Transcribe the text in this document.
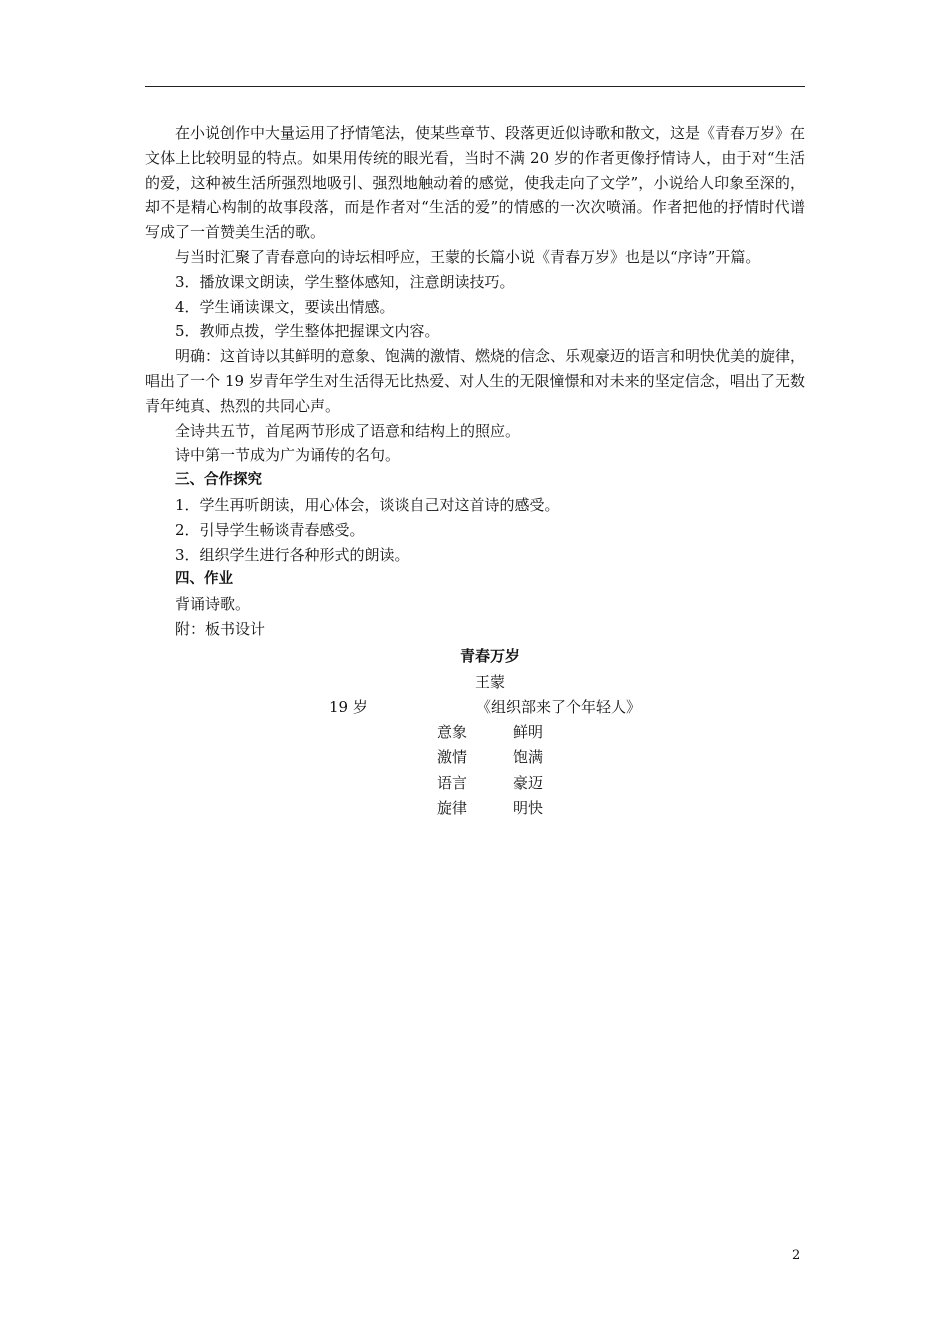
在小说创作中大量运用了抒情笔法，使某些章节、段落更近似诗歌和散文，这是《青春万岁》在文体上比较明显的特点。如果用传统的眼光看，当时不满 20 岁的作者更像抒情诗人，由于对“生活的爱，这种被生活所强烈地吸引、强烈地触动着的感觉，使我走向了文学”，小说给人印象至深的，却不是精心构制的故事段落，而是作者对“生活的爱”的情感的一次次喷涌。作者把他的抒情时代谱写成了一首赞美生活的歌。

与当时汇聚了青春意向的诗坛相呼应，王蒙的长篇小说《青春万岁》也是以“序诗”开篇。

3．播放课文朗读，学生整体感知，注意朗读技巧。

4．学生诵读课文，要读出情感。

5．教师点拨，学生整体把握课文内容。

明确：这首诗以其鲜明的意象、饱满的激情、燃烧的信念、乐观豪迈的语言和明快优美的旋律，唱出了一个 19 岁青年学生对生活得无比热爱、对人生的无限憧憬和对未来的坚定信念，唱出了无数青年纯真、热烈的共同心声。

全诗共五节，首尾两节形成了语意和结构上的照应。

诗中第一节成为广为诵传的名句。

三、合作探究

1．学生再听朗读，用心体会，谈谈自己对这首诗的感受。

2．引导学生畅谈青春感受。

3．组织学生进行各种形式的朗读。

四、作业

背诵诗歌。

附：板书设计

青春万岁
王蒙
19 岁	《组织部来了个年轻人》
意象	鲜明
激情	饱满
语言	豪迈
旋律	明快
2
